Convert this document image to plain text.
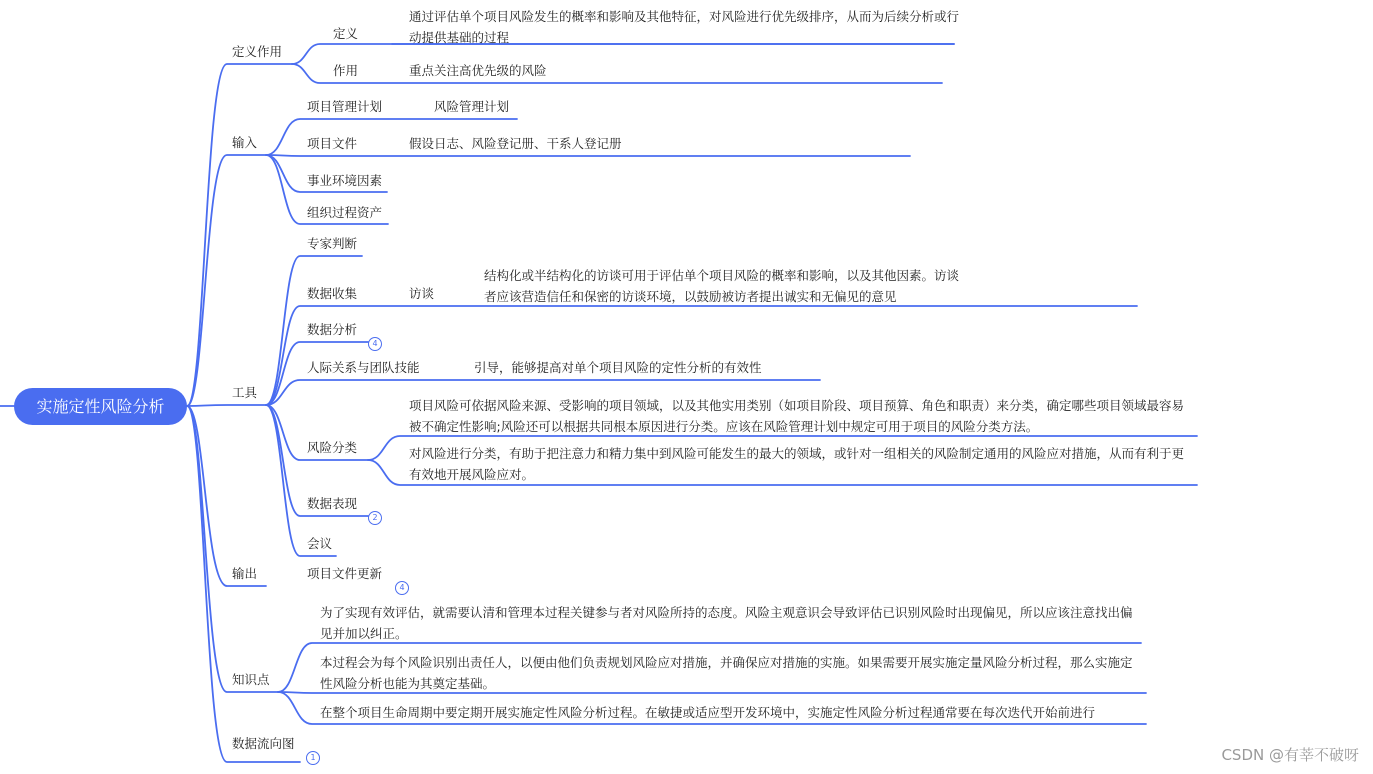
实施定性风险分析
定义作用
输入
工具
输出
知识点
数据流向图
1
定义
通过评估单个项目风险发生的概率和影响及其他特征，对风险进行优先级排序，从而为后续分析或行动提供基础的过程
作用	重点关注高优先级的风险
项目管理计划	风险管理计划
项目文件	假设日志、风险登记册、干系人登记册
事业环境因素
组织过程资产
专家判断
数据收集	访谈
结构化或半结构化的访谈可用于评估单个项目风险的概率和影响，以及其他因素。访谈者应该营造信任和保密的访谈环境，以鼓励被访者提出诚实和无偏见的意见
数据分析
4
人际关系与团队技能	引导，能够提高对单个项目风险的定性分析的有效性
风险分类
项目风险可依据风险来源、受影响的项目领域，以及其他实用类别（如项目阶段、项目预算、角色和职责）来分类，确定哪些项目领域最容易被不确定性影响;风险还可以根据共同根本原因进行分类。应该在风险管理计划中规定可用于项目的风险分类方法。
对风险进行分类，有助于把注意力和精力集中到风险可能发生的最大的领域，或针对一组相关的风险制定通用的风险应对措施，从而有利于更有效地开展风险应对。
数据表现
2
会议
项目文件更新
4
为了实现有效评估，就需要认清和管理本过程关键参与者对风险所持的态度。风险主观意识会导致评估已识别风险时出现偏见，所以应该注意找出偏见并加以纠正。
本过程会为每个风险识别出责任人，以便由他们负责规划风险应对措施，并确保应对措施的实施。如果需要开展实施定量风险分析过程，那么实施定性风险分析也能为其奠定基础。
在整个项目生命周期中要定期开展实施定性风险分析过程。在敏捷或适应型开发环境中，实施定性风险分析过程通常要在每次迭代开始前进行
CSDN @有莘不破呀
